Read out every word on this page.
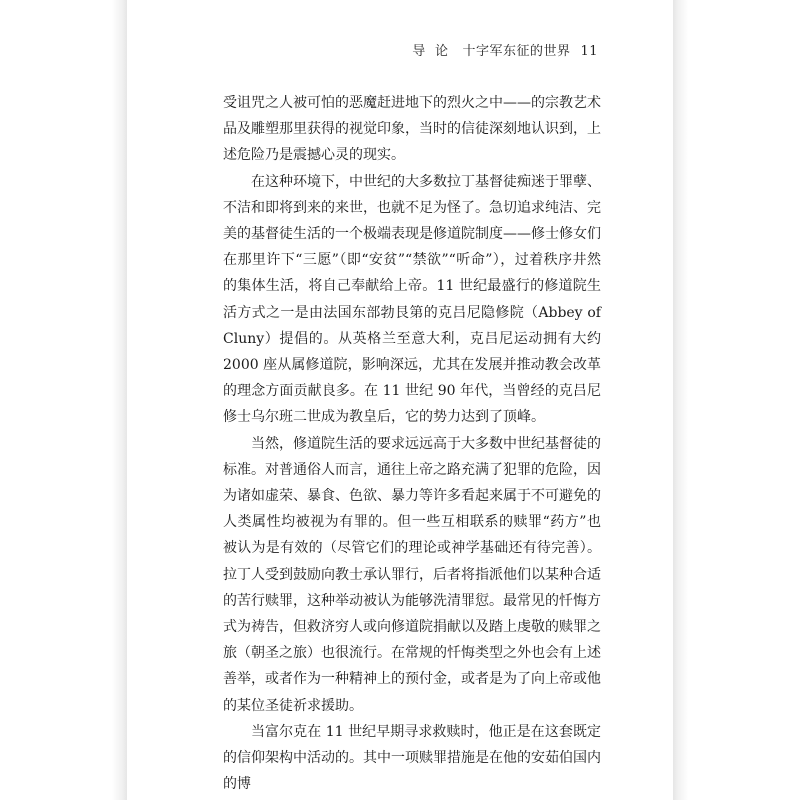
导  论   十字军东征的世界 11

受诅咒之人被可怕的恶魔赶进地下的烈火之中——的宗教艺术品及雕塑那里获得的视觉印象，当时的信徒深刻地认识到，上述危险乃是震撼心灵的现实。

在这种环境下，中世纪的大多数拉丁基督徒痴迷于罪孽、不洁和即将到来的来世，也就不足为怪了。急切追求纯洁、完美的基督徒生活的一个极端表现是修道院制度——修士修女们在那里许下“三愿”（即“安贫”“禁欲”“听命”），过着秩序井然的集体生活，将自己奉献给上帝。11 世纪最盛行的修道院生活方式之一是由法国东部勃艮第的克吕尼隐修院（Abbey of Cluny）提倡的。从英格兰至意大利，克吕尼运动拥有大约 2000 座从属修道院，影响深远，尤其在发展并推动教会改革的理念方面贡献良多。在 11 世纪 90 年代，当曾经的克吕尼修士乌尔班二世成为教皇后，它的势力达到了顶峰。

当然，修道院生活的要求远远高于大多数中世纪基督徒的标准。对普通俗人而言，通往上帝之路充满了犯罪的危险，因为诸如虚荣、暴食、色欲、暴力等许多看起来属于不可避免的人类属性均被视为有罪的。但一些互相联系的赎罪“药方”也被认为是有效的（尽管它们的理论或神学基础还有待完善）。拉丁人受到鼓励向教士承认罪行，后者将指派他们以某种合适的苦行赎罪，这种举动被认为能够洗清罪愆。最常见的忏悔方式为祷告，但救济穷人或向修道院捐献以及踏上虔敬的赎罪之旅（朝圣之旅）也很流行。在常规的忏悔类型之外也会有上述善举，或者作为一种精神上的预付金，或者是为了向上帝或他的某位圣徒祈求援助。

当富尔克在 11 世纪早期寻求救赎时，他正是在这套既定的信仰架构中活动的。其中一项赎罪措施是在他的安茹伯国内的博
